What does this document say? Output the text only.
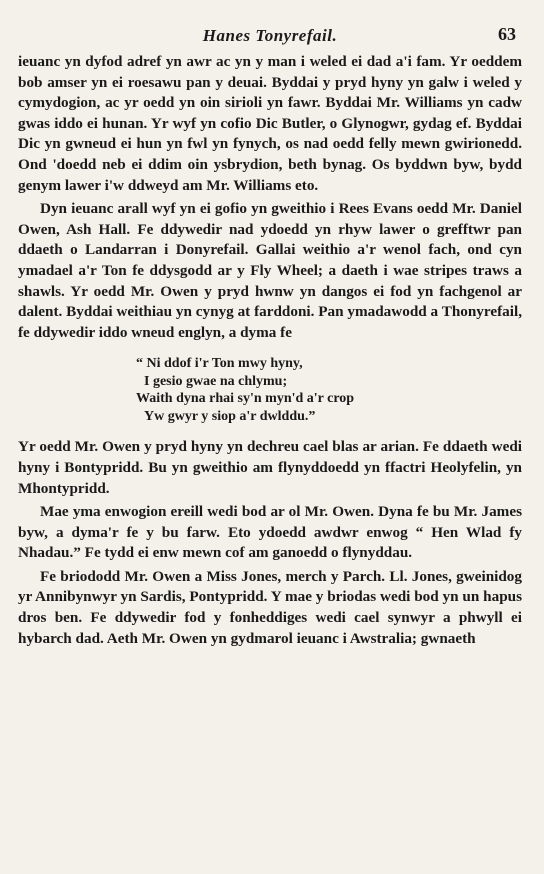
Hanes Tonyrefail.	63

ieuanc yn dyfod adref yn awr ac yn y man i weled ei dad a'i fam. Yr oeddem bob amser yn ei roesawu pan y deuai. Byddai y pryd hyny yn galw i weled y cymydogion, ac yr oedd yn oin sirioli yn fawr. Byddai Mr. Williams yn cadw gwas iddo ei hunan. Yr wyf yn cofio Dic Butler, o Glynogwr, gydag ef. Byddai Dic yn gwneud ei hun yn fwl yn fynych, os nad oedd felly mewn gwirionedd. Ond 'doedd neb ei ddim oin ysbrydion, beth bynag. Os byddwn byw, bydd genym lawer i'w ddweyd am Mr. Williams eto.

Dyn ieuanc arall wyf yn ei gofio yn gweithio i Rees Evans oedd Mr. Daniel Owen, Ash Hall. Fe ddywedir nad ydoedd yn rhyw lawer o grefftwr pan ddaeth o Landarran i Donyrefail. Gallai weithio a'r wenol fach, ond cyn ymadael a'r Ton fe ddysgodd ar y Fly Wheel; a daeth i wae stripes traws a shawls. Yr oedd Mr. Owen y pryd hwnw yn dangos ei fod yn fachgenol ar dalent. Byddai weithiau yn cynyg at farddoni. Pan ymadawodd a Thonyrefail, fe ddywedir iddo wneud englyn, a dyma fe

“ Ni ddof i'r Ton mwy hyny,
I gesio gwae na chlymu;
Waith dyna rhai sy'n myn'd a'r crop
Yw gwyr y siop a'r dwlddu.”

Yr oedd Mr. Owen y pryd hyny yn dechreu cael blas ar arian. Fe ddaeth wedi hyny i Bontypridd. Bu yn gweithio am flynyddoedd yn ffactri Heolyfelin, yn Mhontypridd.

Mae yma enwogion ereill wedi bod ar ol Mr. Owen. Dyna fe bu Mr. James byw, a dyma'r fe y bu farw. Eto ydoedd awdwr enwog “ Hen Wlad fy Nhadau.” Fe tydd ei enw mewn cof am ganoedd o flynyddau.

Fe briododd Mr. Owen a Miss Jones, merch y Parch. Ll. Jones, gweinidog yr Annibynwyr yn Sardis, Pontypridd. Y mae y briodas wedi bod yn un hapus dros ben. Fe ddywedir fod y fonheddiges wedi cael synwyr a phwyll ei hybarch dad. Aeth Mr. Owen yn gydmarol ieuanc i Awstralia; gwnaeth
